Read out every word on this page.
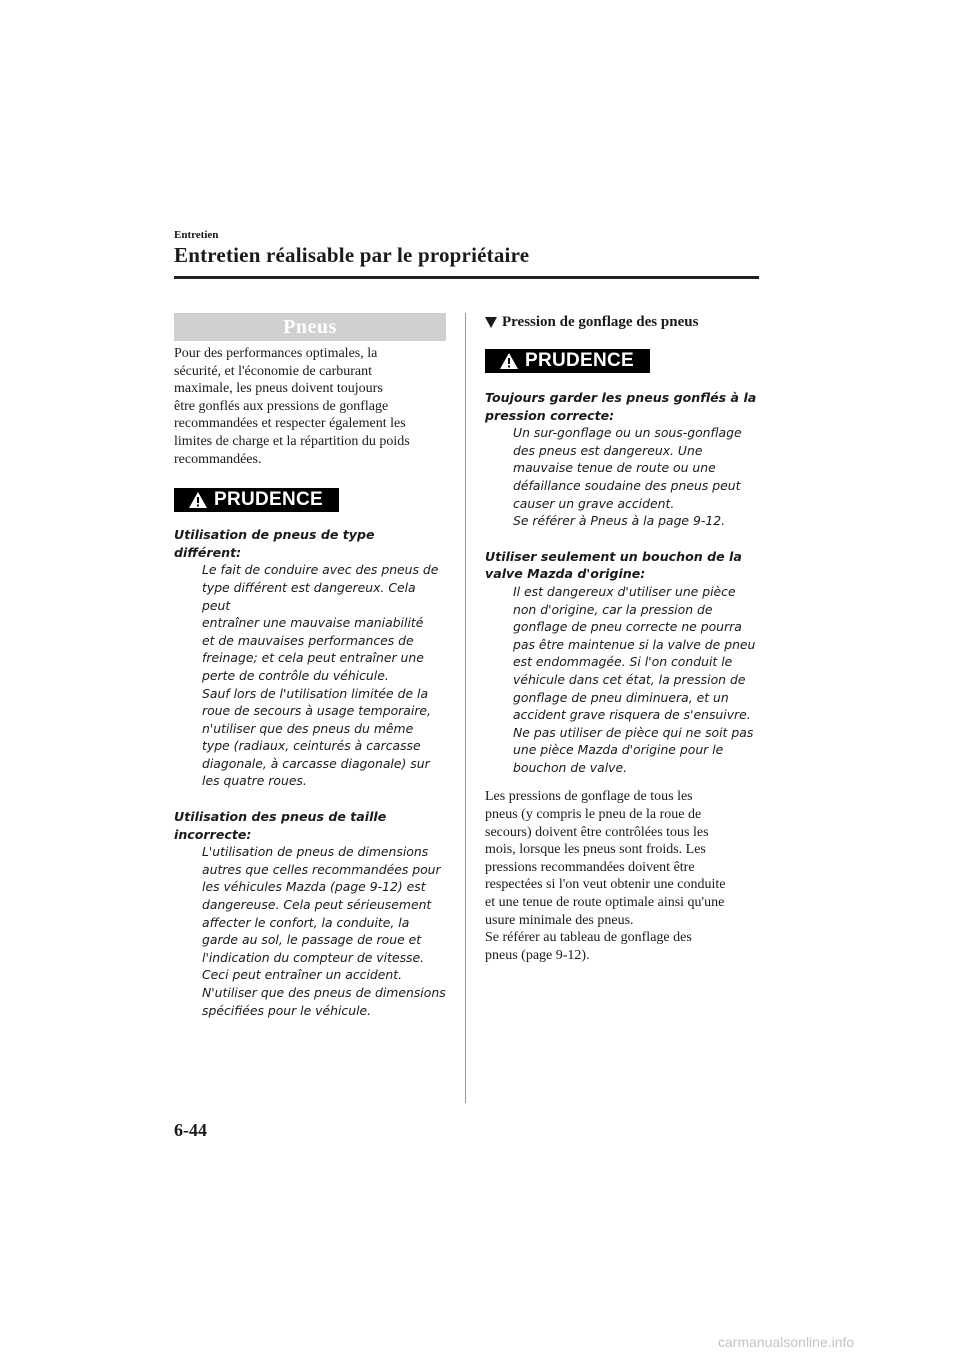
Entretien
Entretien réalisable par le propriétaire
Pneus

Pour des performances optimales, la

sécurité, et l'économie de carburant

maximale, les pneus doivent toujours

être gonflés aux pressions de gonflage

recommandées et respecter également les

limites de charge et la répartition du poids

recommandées.

PRUDENCE
Utilisation de pneus de type différent:
Le fait de conduire avec des pneus de
type différent est dangereux. Cela peut
entraîner une mauvaise maniabilité
et de mauvaises performances de
freinage; et cela peut entraîner une
perte de contrôle du véhicule.
Sauf lors de l'utilisation limitée de la
roue de secours à usage temporaire,
n'utiliser que des pneus du même
type (radiaux, ceinturés à carcasse
diagonale, à carcasse diagonale) sur
les quatre roues.
Utilisation des pneus de taille
incorrecte:
L'utilisation de pneus de dimensions
autres que celles recommandées pour
les véhicules Mazda (page 9-12) est
dangereuse. Cela peut sérieusement
affecter le confort, la conduite, la
garde au sol, le passage de roue et
l'indication du compteur de vitesse.
Ceci peut entraîner un accident.
N'utiliser que des pneus de dimensions
spécifiées pour le véhicule.
Pression de gonflage des pneus
PRUDENCE
Toujours garder les pneus gonflés à la
pression correcte:
Un sur-gonflage ou un sous-gonflage
des pneus est dangereux. Une
mauvaise tenue de route ou une
défaillance soudaine des pneus peut
causer un grave accident.
Se référer à Pneus à la page 9-12.
Utiliser seulement un bouchon de la
valve Mazda d'origine:
Il est dangereux d'utiliser une pièce
non d'origine, car la pression de
gonflage de pneu correcte ne pourra
pas être maintenue si la valve de pneu
est endommagée. Si l'on conduit le
véhicule dans cet état, la pression de
gonflage de pneu diminuera, et un
accident grave risquera de s'ensuivre.
Ne pas utiliser de pièce qui ne soit pas
une pièce Mazda d'origine pour le
bouchon de valve.

Les pressions de gonflage de tous les

pneus (y compris le pneu de la roue de

secours) doivent être contrôlées tous les

mois, lorsque les pneus sont froids. Les

pressions recommandées doivent être

respectées si l'on veut obtenir une conduite

et une tenue de route optimale ainsi qu'une

usure minimale des pneus.

Se référer au tableau de gonflage des

pneus (page 9-12).

6-44
carmanualsonline.info
